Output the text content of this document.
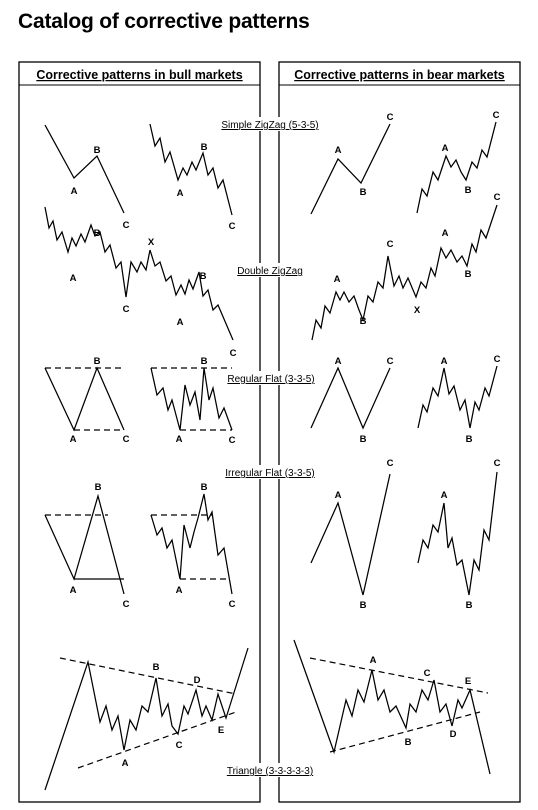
Catalog of corrective patterns
Corrective patterns in bull markets	Corrective patterns in bear markets
Simple ZigZag (5-3-5)
A
B
C
A
B
C
A
B
C
A
B
C
Double ZigZag
A
B
C
X
A
B
C
A
B
C
X
A
B
C
A
B
C	A
B
C
Regular Flat (3-3-5)
A
B
C	A
B
C
Irregular Flat (3-3-5)
A
B
C
A
B
C
A
B
C
A
B
C
A
B
C
D
E
A
B
C
D
E
Triangle (3-3-3-3-3)
